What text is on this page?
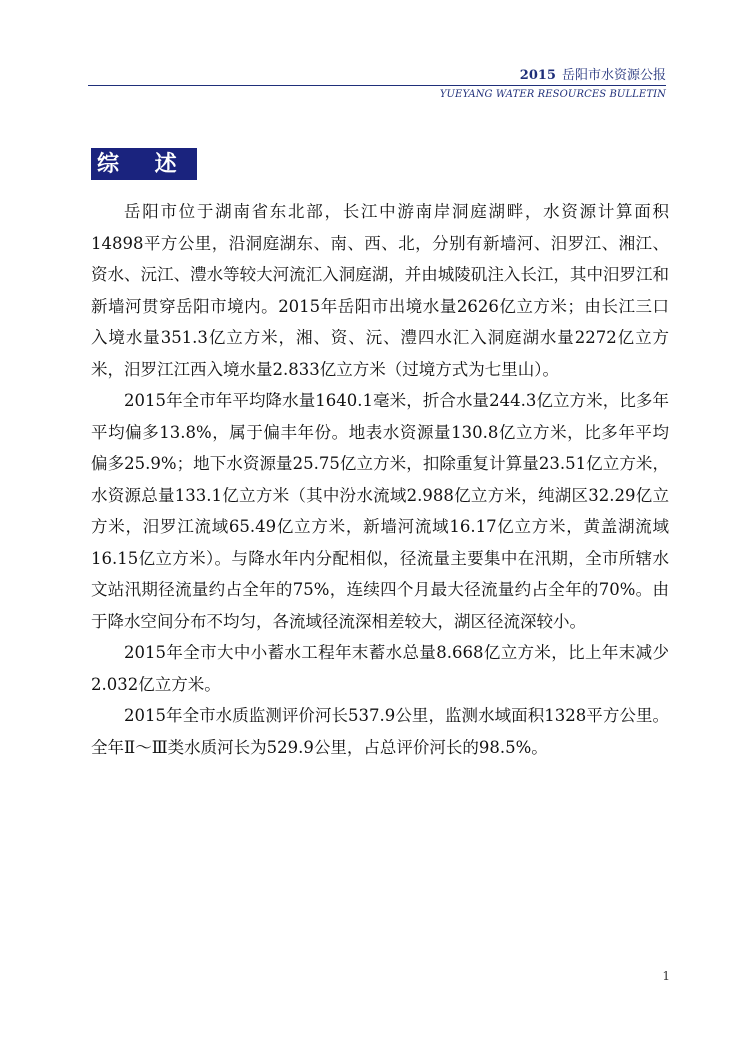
2015 岳阳市水资源公报
YUEYANG WATER RESOURCES BULLETIN
综 述

岳阳市位于湖南省东北部，长江中游南岸洞庭湖畔，水资源计算面积14898平方公里，沿洞庭湖东、南、西、北，分别有新墙河、汨罗江、湘江、资水、沅江、澧水等较大河流汇入洞庭湖，并由城陵矶注入长江，其中汨罗江和新墙河贯穿岳阳市境内。2015年岳阳市出境水量2626亿立方米；由长江三口入境水量351.3亿立方米，湘、资、沅、澧四水汇入洞庭湖水量2272亿立方米，汨罗江江西入境水量2.833亿立方米（过境方式为七里山）。

2015年全市年平均降水量1640.1毫米，折合水量244.3亿立方米，比多年平均偏多13.8%，属于偏丰年份。地表水资源量130.8亿立方米，比多年平均偏多25.9%；地下水资源量25.75亿立方米，扣除重复计算量23.51亿立方米，水资源总量133.1亿立方米（其中汾水流域2.988亿立方米，纯湖区32.29亿立方米，汨罗江流域65.49亿立方米，新墙河流域16.17亿立方米，黄盖湖流域16.15亿立方米）。与降水年内分配相似，径流量主要集中在汛期，全市所辖水文站汛期径流量约占全年的75%，连续四个月最大径流量约占全年的70%。由于降水空间分布不均匀，各流域径流深相差较大，湖区径流深较小。

2015年全市大中小蓄水工程年末蓄水总量8.668亿立方米，比上年末减少2.032亿立方米。

2015年全市水质监测评价河长537.9公里，监测水域面积1328平方公里。全年Ⅱ～Ⅲ类水质河长为529.9公里，占总评价河长的98.5%。

1
